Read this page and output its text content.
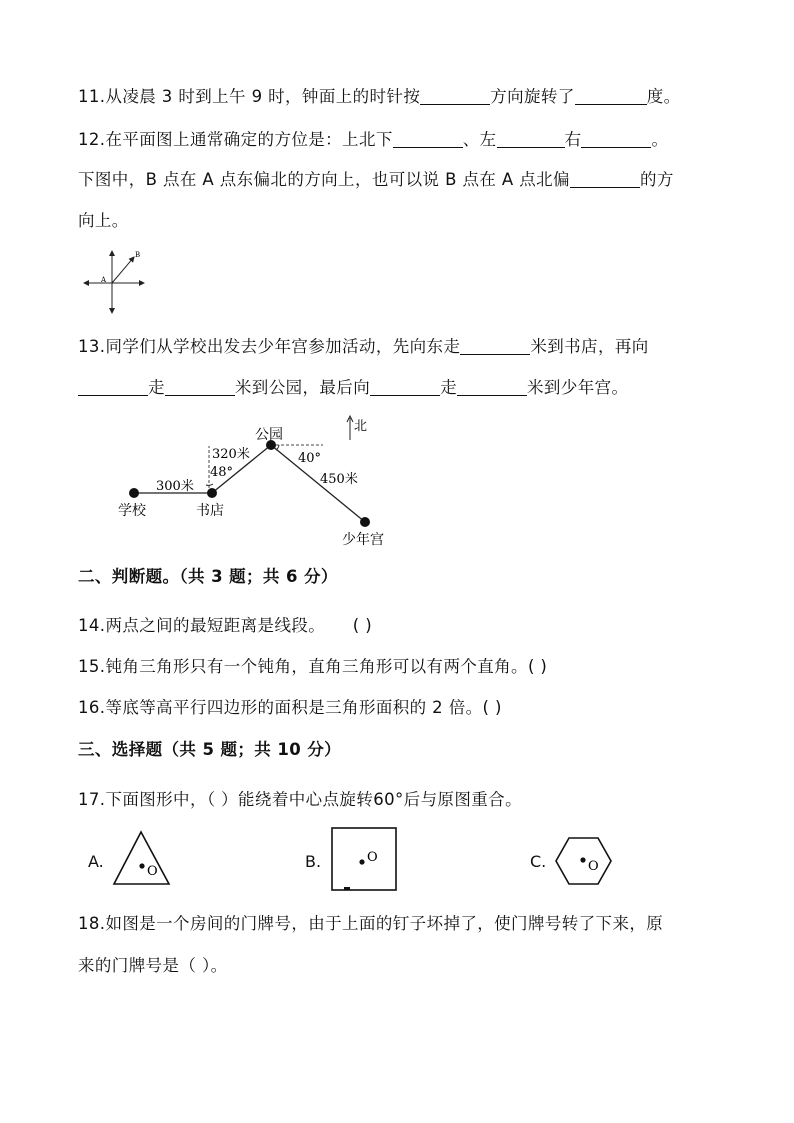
11.从凌晨 3 时到上午 9 时，钟面上的时针按	方向旋转了	度。
12.在平面图上通常确定的方位是：上北下	、左	右	。
下图中，B 点在 A 点东偏北的方向上，也可以说 B 点在 A 点北偏	的方
向上。
A
B
13.同学们从学校出发去少年宫参加活动，先向东走	米到书店，再向
走	米到公园，最后向	走	米到少年宫。
北
300米
320米
450米
48°
40°
公园
学校	书店
少年宫
二、判断题。（共 3 题；共 6 分）
14.两点之间的最短距离是线段。 ( )
15.钝角三角形只有一个钝角，直角三角形可以有两个直角。( )
16.等底等高平行四边形的面积是三角形面积的 2 倍。( )
三、选择题（共 5 题；共 10 分）
17.下面图形中，（ ）能绕着中心点旋转60°后与原图重合。
A.
O
B.	O	C.	O
18.如图是一个房间的门牌号，由于上面的钉子坏掉了，使门牌号转了下来，原
来的门牌号是（ ）。
